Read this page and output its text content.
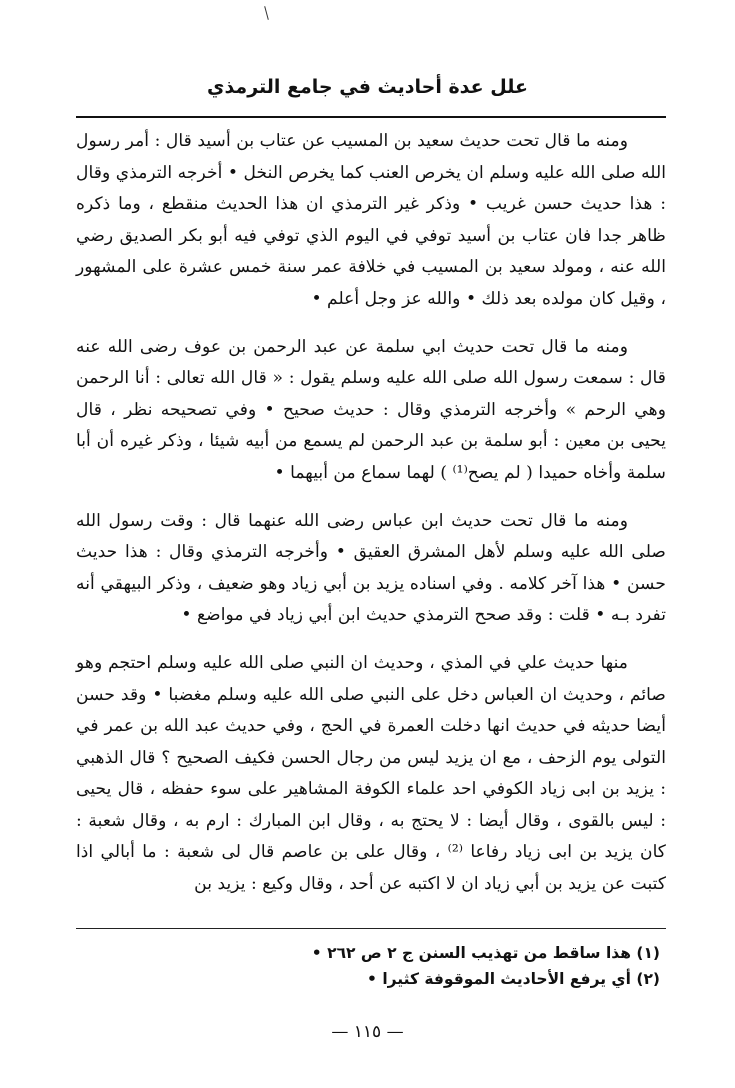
علل عدة أحاديث في جامع الترمذي

ومنه ما قال تحت حديث سعيد بن المسيب عن عتاب بن أسيد قال : أمر رسول الله صلى الله عليه وسلم ان يخرص العنب كما يخرص النخل • أخرجه الترمذي وقال : هذا حديث حسن غريب • وذكر غير الترمذي ان هذا الحديث منقطع ، وما ذكره ظاهر جدا فان عتاب بن أسيد توفي في اليوم الذي توفي فيه أبو بكر الصديق رضي الله عنه ، ومولد سعيد بن المسيب في خلافة عمر سنة خمس عشرة على المشهور ، وقيل كان مولده بعد ذلك • والله عز وجل أعلم •

ومنه ما قال تحت حديث ابي سلمة عن عبد الرحمن بن عوف رضى الله عنه قال : سمعت رسول الله صلى الله عليه وسلم يقول : « قال الله تعالى : أنا الرحمن وهي الرحم » وأخرجه الترمذي وقال : حديث صحيح • وفي تصحيحه نظر ، قال يحيى بن معين : أبو سلمة بن عبد الرحمن لم يسمع من أبيه شيئا ، وذكر غيره أن أبا سلمة وأخاه حميدا ( لم يصح⁽¹⁾ ) لهما سماع من أبيهما •

ومنه ما قال تحت حديث ابن عباس رضى الله عنهما قال : وقت رسول الله صلى الله عليه وسلم لأهل المشرق العقيق • وأخرجه الترمذي وقال : هذا حديث حسن • هذا آخر كلامه . وفي اسناده يزيد بن أبي زياد وهو ضعيف ، وذكر البيهقي أنه تفرد بـه • قلت : وقد صحح الترمذي حديث ابن أبي زياد في مواضع •

منها حديث علي في المذي ، وحديث ان النبي صلى الله عليه وسلم احتجم وهو صائم ، وحديث ان العباس دخل على النبي صلى الله عليه وسلم مغضبا • وقد حسن أيضا حديثه في حديث انها دخلت العمرة في الحج ، وفي حديث عبد الله بن عمر في التولى يوم الزحف ، مع ان يزيد ليس من رجال الحسن فكيف الصحيح ؟ قال الذهبي : يزيد بن ابى زياد الكوفي احد علماء الكوفة المشاهير على سوء حفظه ، قال يحيى : ليس بالقوى ، وقال أيضا : لا يحتج به ، وقال ابن المبارك : ارم به ، وقال شعبة : كان يزيد بن ابى زياد رفاعا ⁽²⁾ ، وقال على بن عاصم قال لى شعبة : ما أبالي اذا كتبت عن يزيد بن أبي زياد ان لا اكتبه عن أحد ، وقال وكيع : يزيد بن

(١) هذا ساقط من تهذيب السنن ج ٢ ص ٢٦٢ •

(٢) أي يرفع الأحاديث الموقوفة كثيرا •

— ١١٥ —
